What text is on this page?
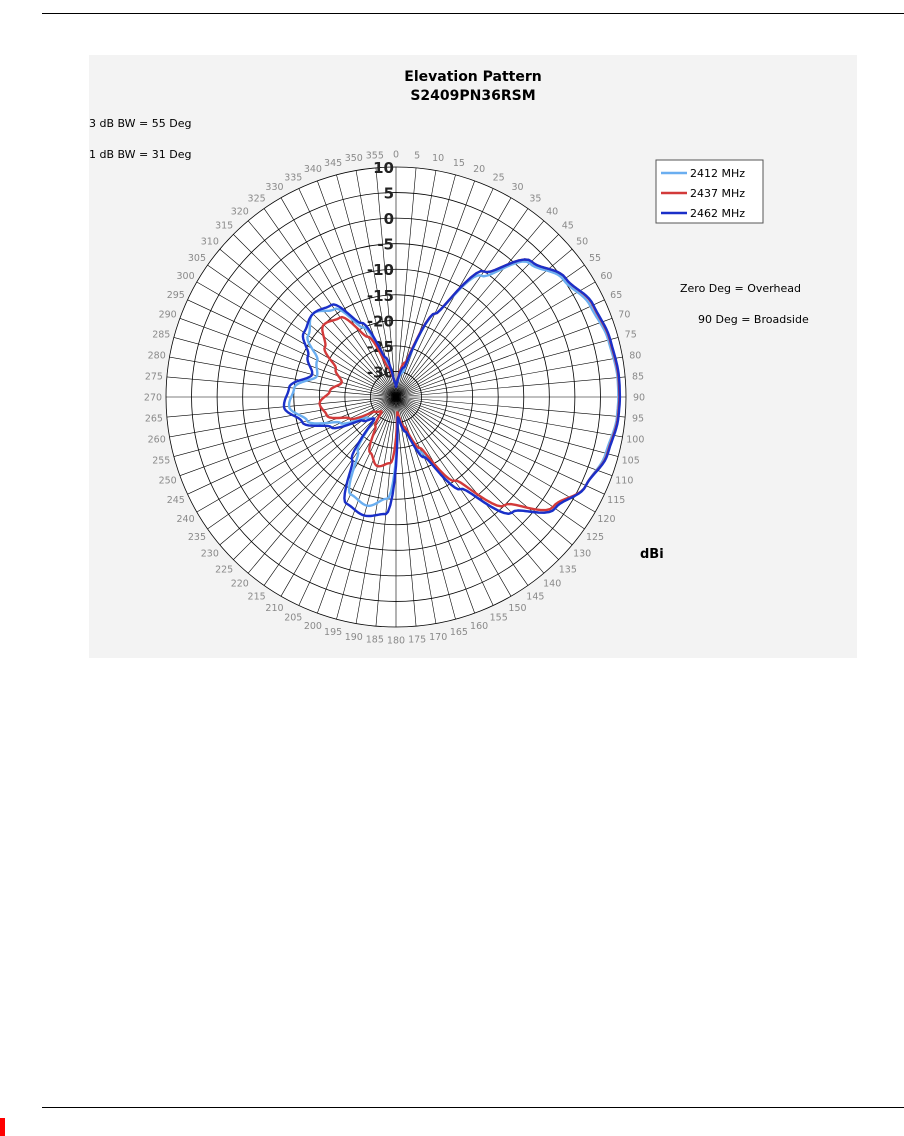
Elevation Pattern
S2409PN36RSM
3 dB BW = 55 Deg
1 dB BW = 31 Deg
Zero Deg = Overhead
90 Deg = Broadside
dBi
0 5 10 15
20
25
30
35
40
45
50
55
60
65
70
75
80
85
90
95
100
105
110
115
120
125
130
135
140
145
150
155
160
165
170
175
180
185
190
195
200
205
210
215
220
225
230
235
240
245
250
255
260
265
270
275
280
285
290
295
300
305
310
315
320
325
330
335
340
345 350 355
10
5
0
-5
-10
-15
-20
-25
-30
2412 MHz
2437 MHz
2462 MHz
